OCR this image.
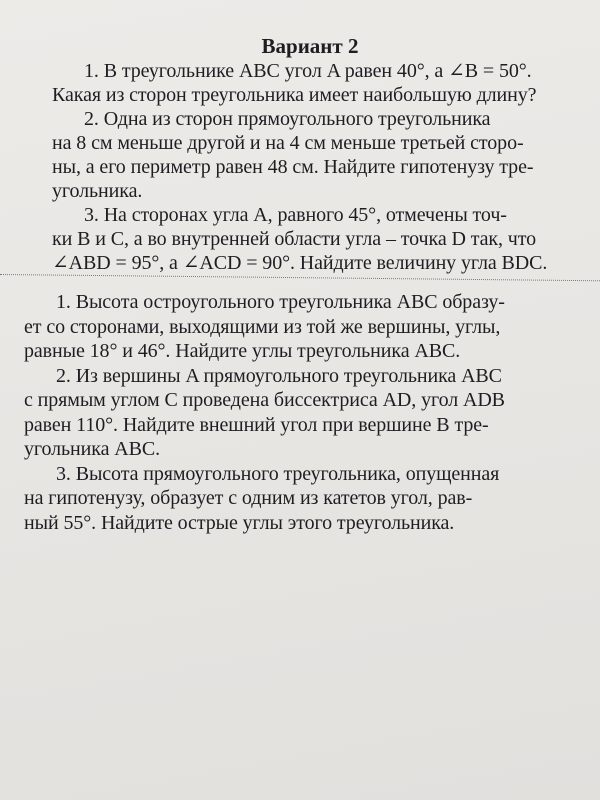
Вариант 2
1. В треугольнике ABC угол A равен 40°, а ∠B = 50°.
Какая из сторон треугольника имеет наибольшую длину?
2. Одна из сторон прямоугольного треугольника
на 8 см меньше другой и на 4 см меньше третьей сторо-
ны, а его периметр равен 48 см. Найдите гипотенузу тре-
угольника.
3. На сторонах угла A, равного 45°, отмечены точ-
ки B и C, а во внутренней области угла – точка D так, что
∠ABD = 95°, а ∠ACD = 90°. Найдите величину угла BDC.
1. Высота остроугольного треугольника ABC образу-
ет со сторонами, выходящими из той же вершины, углы,
равные 18° и 46°. Найдите углы треугольника ABC.
2. Из вершины A прямоугольного треугольника ABC
с прямым углом C проведена биссектриса AD, угол ADB
равен 110°. Найдите внешний угол при вершине B тре-
угольника ABC.
3. Высота прямоугольного треугольника, опущенная
на гипотенузу, образует с одним из катетов угол, рав-
ный 55°. Найдите острые углы этого треугольника.
